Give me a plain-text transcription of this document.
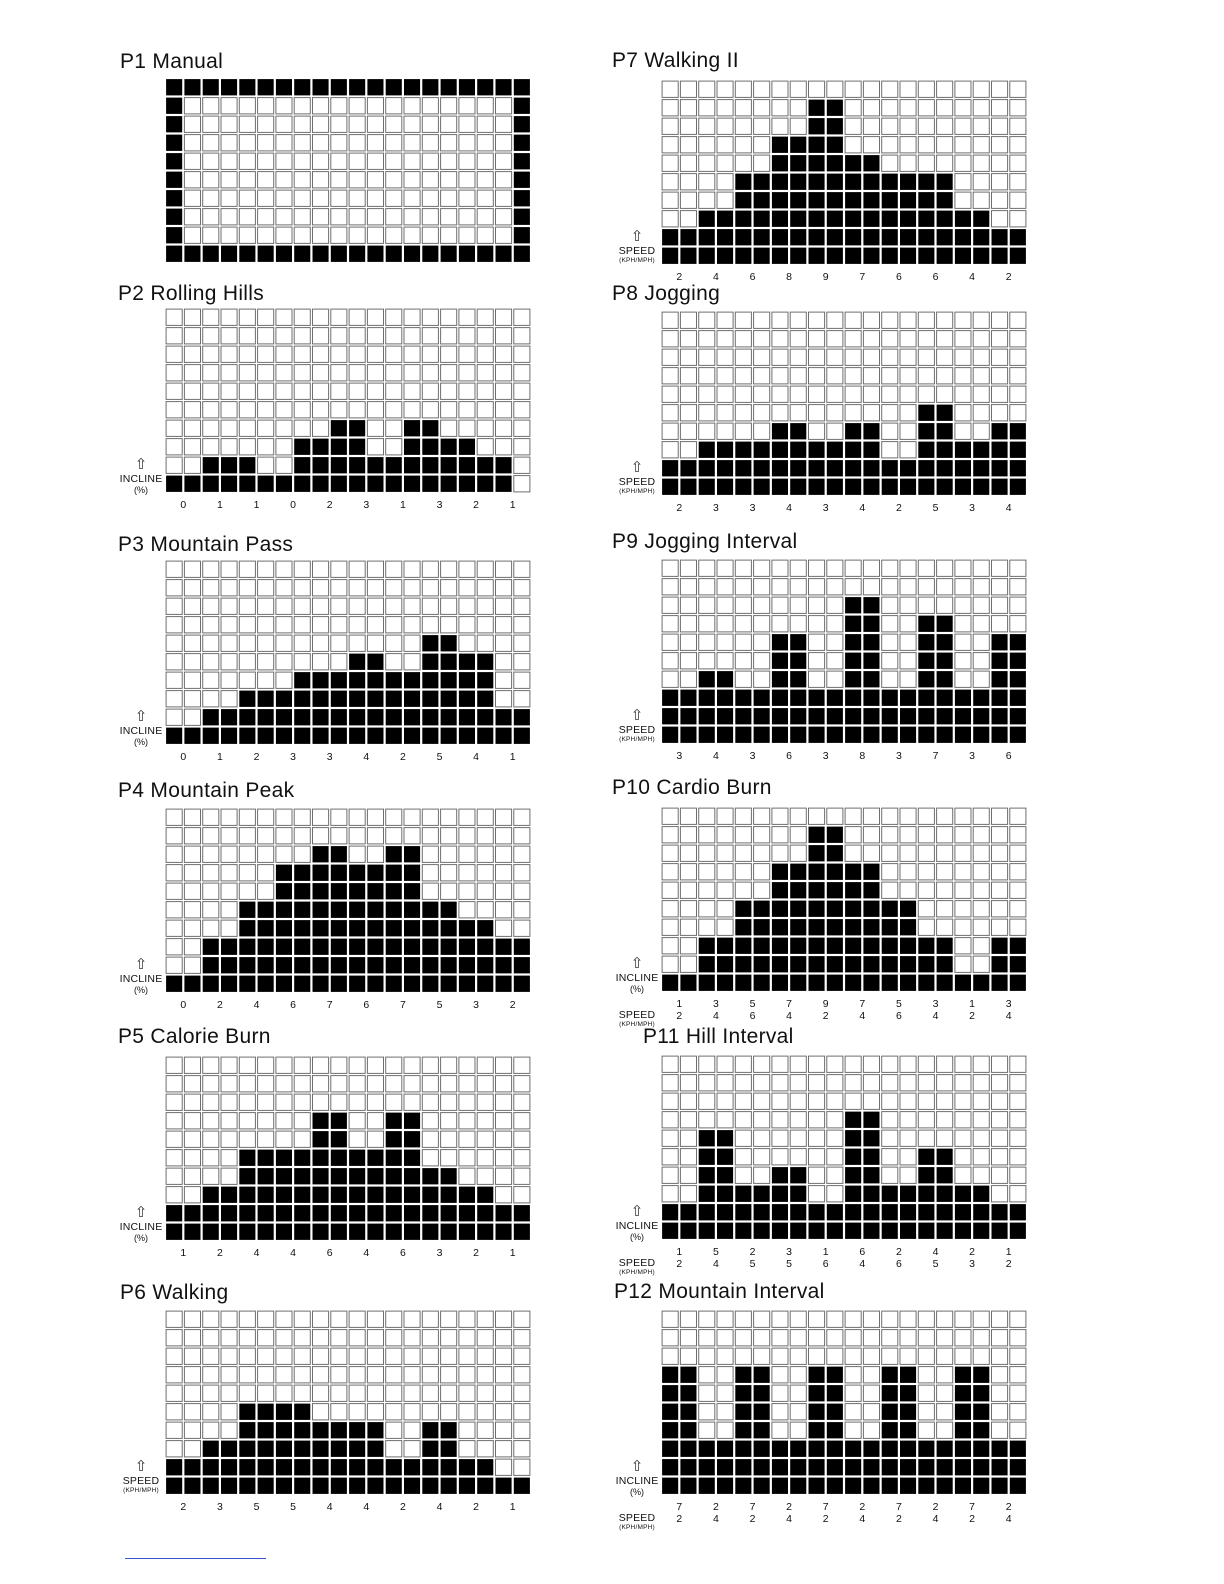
P1 Manual
P2 Rolling Hills
⇧
INCLINE
(%)
0	1	1	0	2	3	1	3	2	1
P3 Mountain Pass
⇧
INCLINE
(%)
0	1	2	3	3	4	2	5	4	1
P4 Mountain Peak
⇧
INCLINE
(%)
0	2	4	6	7	6	7	5	3	2
P5 Calorie Burn
⇧
INCLINE
(%)
1	2	4	4	6	4	6	3	2	1
P6 Walking
⇧
SPEED
(KPH/MPH)
2	3	5	5	4	4	2	4	2	1
P7 Walking II
⇧
SPEED
(KPH/MPH)
2	4	6	8	9	7	6	6	4	2
P8 Jogging
⇧
SPEED
(KPH/MPH)
2	3	3	4	3	4	2	5	3	4
P9 Jogging Interval
⇧
SPEED
(KPH/MPH)
3	4	3	6	3	8	3	7	3	6
P10 Cardio Burn
⇧
INCLINE
(%)
1	3	5	7	9	7	5	3	1	3
SPEED
(KPH/MPH)
2	4	6	4	2	4	6	4	2	4
P11 Hill Interval
⇧
INCLINE
(%)
1	5	2	3	1	6	2	4	2	1
SPEED
(KPH/MPH)
2	4	5	5	6	4	6	5	3	2
P12 Mountain Interval
⇧
INCLINE
(%)
7	2	7	2	7	2	7	2	7	2
SPEED
(KPH/MPH)
2	4	2	4	2	4	2	4	2	4
